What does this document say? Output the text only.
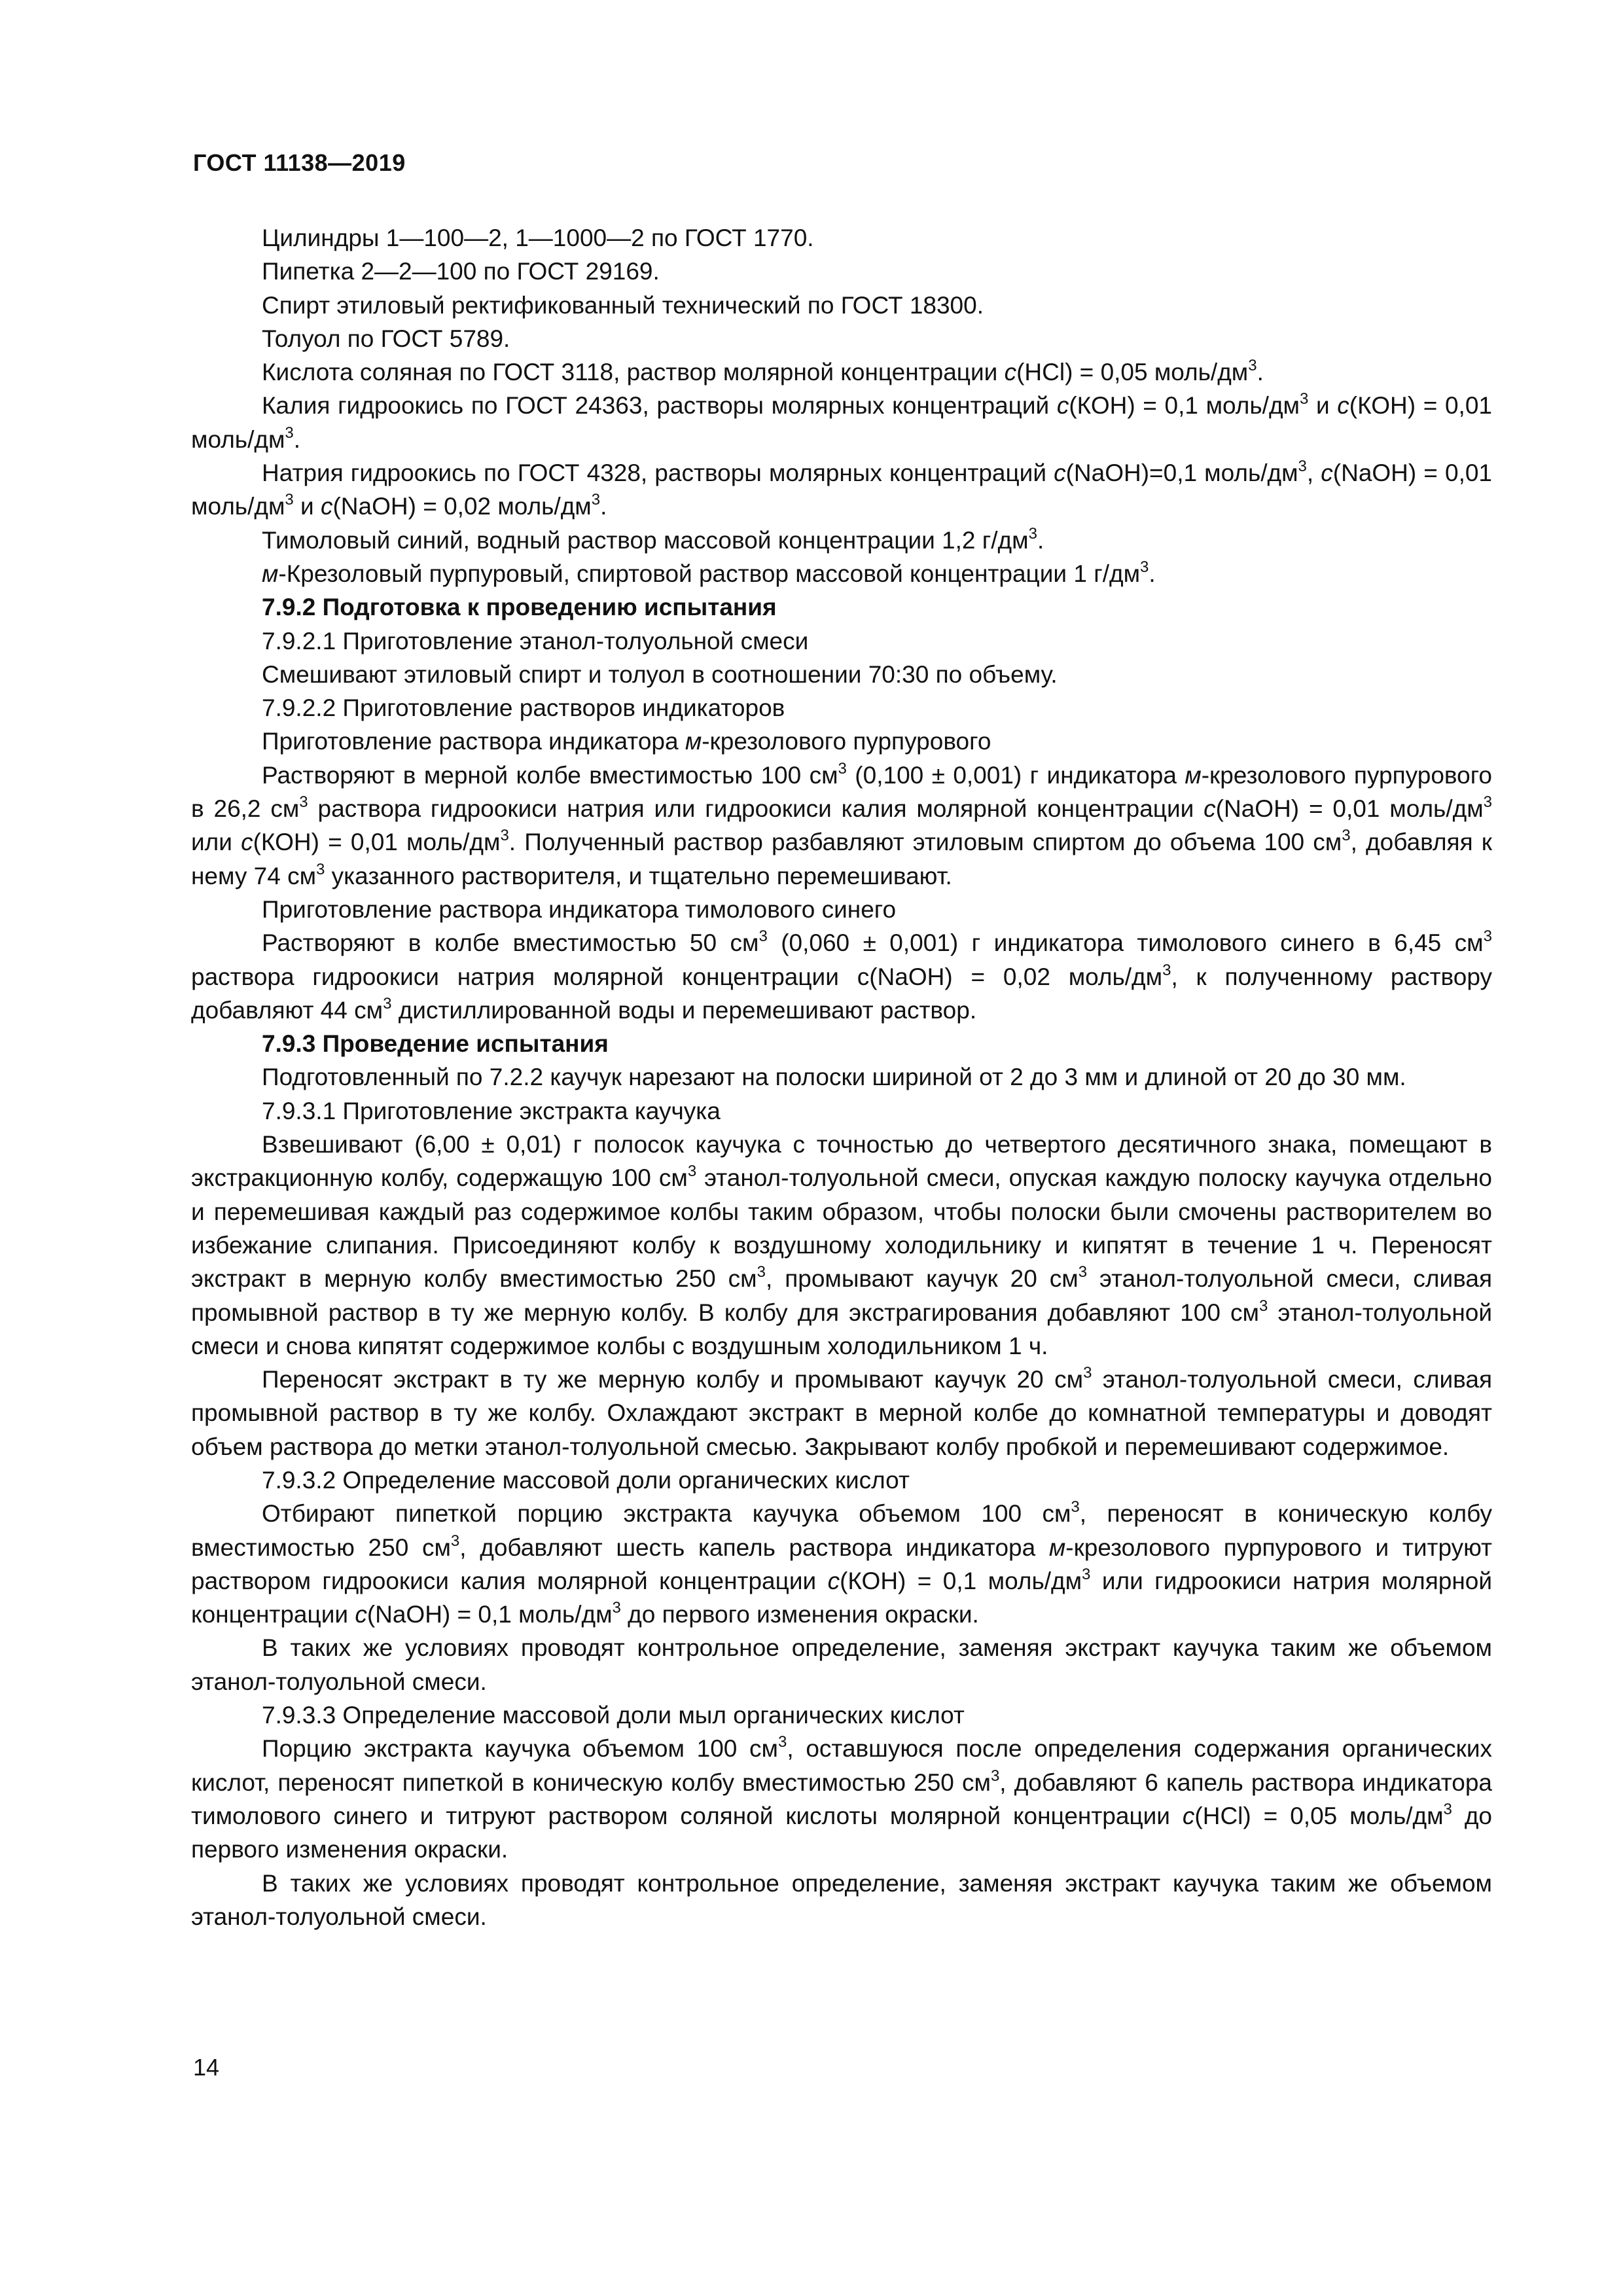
ГОСТ 11138—2019

Цилиндры 1—100—2, 1—1000—2 по ГОСТ 1770.

Пипетка 2—2—100 по ГОСТ 29169.

Спирт этиловый ректификованный технический по ГОСТ 18300.

Толуол по ГОСТ 5789.

Кислота соляная по ГОСТ 3118, раствор молярной концентрации с(HCl) = 0,05 моль/$дм^3$.

Калия гидроокись по ГОСТ 24363, растворы молярных концентраций с(КОН) = 0,1 моль/$дм^3$ и с(КОН) = 0,01 моль/$дм^3$.

Натрия гидроокись по ГОСТ 4328, растворы молярных концентраций с(NaOH)=0,1 моль/$дм^3$, с(NaOH) = 0,01 моль/$дм^3$ и с(NaOH) = 0,02 моль/$дм^3$.

Тимоловый синий, водный раствор массовой концентрации 1,2 $г/дм^3$.

м-Крезоловый пурпуровый, спиртовой раствор массовой концентрации 1 $г/дм^3$.

7.9.2 Подготовка к проведению испытания

7.9.2.1 Приготовление этанол-толуольной смеси

Смешивают этиловый спирт и толуол в соотношении 70:30 по объему.

7.9.2.2 Приготовление растворов индикаторов

Приготовление раствора индикатора м-крезолового пурпурового

Растворяют в мерной колбе вместимостью 100 $см^3$ (0,100 ± 0,001) г индикатора м-крезолового пурпурового в 26,2 $см^3$ раствора гидроокиси натрия или гидроокиси калия молярной концентрации с(NaOH) = 0,01 моль/$дм^3$ или с(КОН) = 0,01 моль/$дм^3$. Полученный раствор разбавляют этиловым спиртом до объема 100 $см^3$, добавляя к нему 74 $см^3$ указанного растворителя, и тщательно перемешивают.

Приготовление раствора индикатора тимолового синего

Растворяют в колбе вместимостью 50 $см^3$ (0,060 ± 0,001) г индикатора тимолового синего в 6,45 $см^3$ раствора гидроокиси натрия молярной концентрации с(NaOH) = 0,02 моль/$дм^3$, к полученному раствору добавляют 44 $см^3$ дистиллированной воды и перемешивают раствор.

7.9.3 Проведение испытания

Подготовленный по 7.2.2 каучук нарезают на полоски шириной от 2 до 3 мм и длиной от 20 до 30 мм.

7.9.3.1 Приготовление экстракта каучука

Взвешивают (6,00 ± 0,01) г полосок каучука с точностью до четвертого десятичного знака, помещают в экстракционную колбу, содержащую 100 $см^3$ этанол-толуольной смеси, опуская каждую полоску каучука отдельно и перемешивая каждый раз содержимое колбы таким образом, чтобы полоски были смочены растворителем во избежание слипания. Присоединяют колбу к воздушному холодильнику и кипятят в течение 1 ч. Переносят экстракт в мерную колбу вместимостью 250 $см^3$, промывают каучук 20 $см^3$ этанол-толуольной смеси, сливая промывной раствор в ту же мерную колбу. В колбу для экстрагирования добавляют 100 $см^3$ этанол-толуольной смеси и снова кипятят содержимое колбы с воздушным холодильником 1 ч.

Переносят экстракт в ту же мерную колбу и промывают каучук 20 $см^3$ этанол-толуольной смеси, сливая промывной раствор в ту же колбу. Охлаждают экстракт в мерной колбе до комнатной температуры и доводят объем раствора до метки этанол-толуольной смесью. Закрывают колбу пробкой и перемешивают содержимое.

7.9.3.2 Определение массовой доли органических кислот

Отбирают пипеткой порцию экстракта каучука объемом 100 $см^3$, переносят в коническую колбу вместимостью 250 $см^3$, добавляют шесть капель раствора индикатора м-крезолового пурпурового и титруют раствором гидроокиси калия молярной концентрации с(КОН) = 0,1 моль/$дм^3$ или гидроокиси натрия молярной концентрации с(NaOH) = 0,1 моль/$дм^3$ до первого изменения окраски.

В таких же условиях проводят контрольное определение, заменяя экстракт каучука таким же объемом этанол-толуольной смеси.

7.9.3.3 Определение массовой доли мыл органических кислот

Порцию экстракта каучука объемом 100 $см^3$, оставшуюся после определения содержания органических кислот, переносят пипеткой в коническую колбу вместимостью 250 $см^3$, добавляют 6 капель раствора индикатора тимолового синего и титруют раствором соляной кислоты молярной концентрации с(HCl) = 0,05 моль/$дм^3$ до первого изменения окраски.

В таких же условиях проводят контрольное определение, заменяя экстракт каучука таким же объемом этанол-толуольной смеси.

14
